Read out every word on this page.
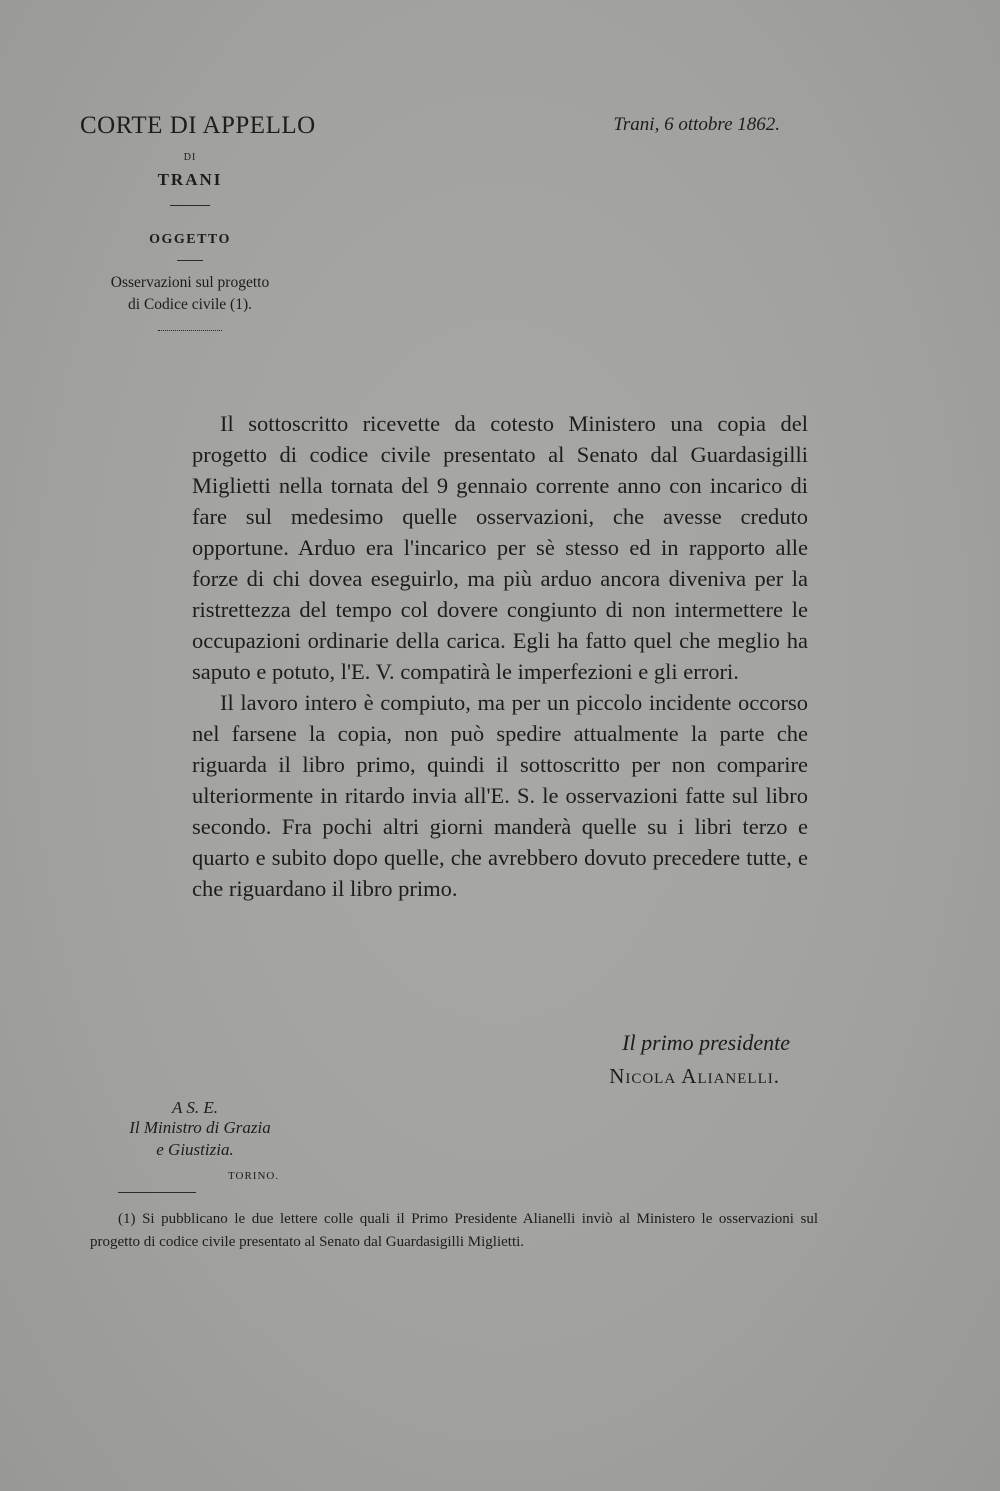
CORTE DI APPELLO
DI
TRANI
OGGETTO
Osservazioni sul progetto
di Codice civile (1).
Trani, 6 ottobre 1862.

Il sottoscritto ricevette da cotesto Ministero una copia del progetto di codice civile presentato al Senato dal Guardasigilli Miglietti nella tornata del 9 gennaio corrente anno con incarico di fare sul medesimo quelle osservazioni, che avesse creduto opportune. Arduo era l'incarico per sè stesso ed in rapporto alle forze di chi dovea eseguirlo, ma più arduo ancora diveniva per la ristrettezza del tempo col dovere congiunto di non intermettere le occupazioni ordinarie della carica. Egli ha fatto quel che meglio ha saputo e potuto, l'E. V. compatirà le imperfezioni e gli errori.

Il lavoro intero è compiuto, ma per un piccolo incidente occorso nel farsene la copia, non può spedire attualmente la parte che riguarda il libro primo, quindi il sottoscritto per non comparire ulteriormente in ritardo invia all'E. S. le osservazioni fatte sul libro secondo. Fra pochi altri giorni manderà quelle su i libri terzo e quarto e subito dopo quelle, che avrebbero dovuto precedere tutte, e che riguardano il libro primo.

Il primo presidente
Nicola Alianelli.
A S. E.
Il Ministro di Grazia
e Giustizia.
TORINO.
(1) Si pubblicano le due lettere colle quali il Primo Presidente Alianelli inviò al Ministero le osservazioni sul progetto di codice civile presentato al Senato dal Guardasigilli Miglietti.
